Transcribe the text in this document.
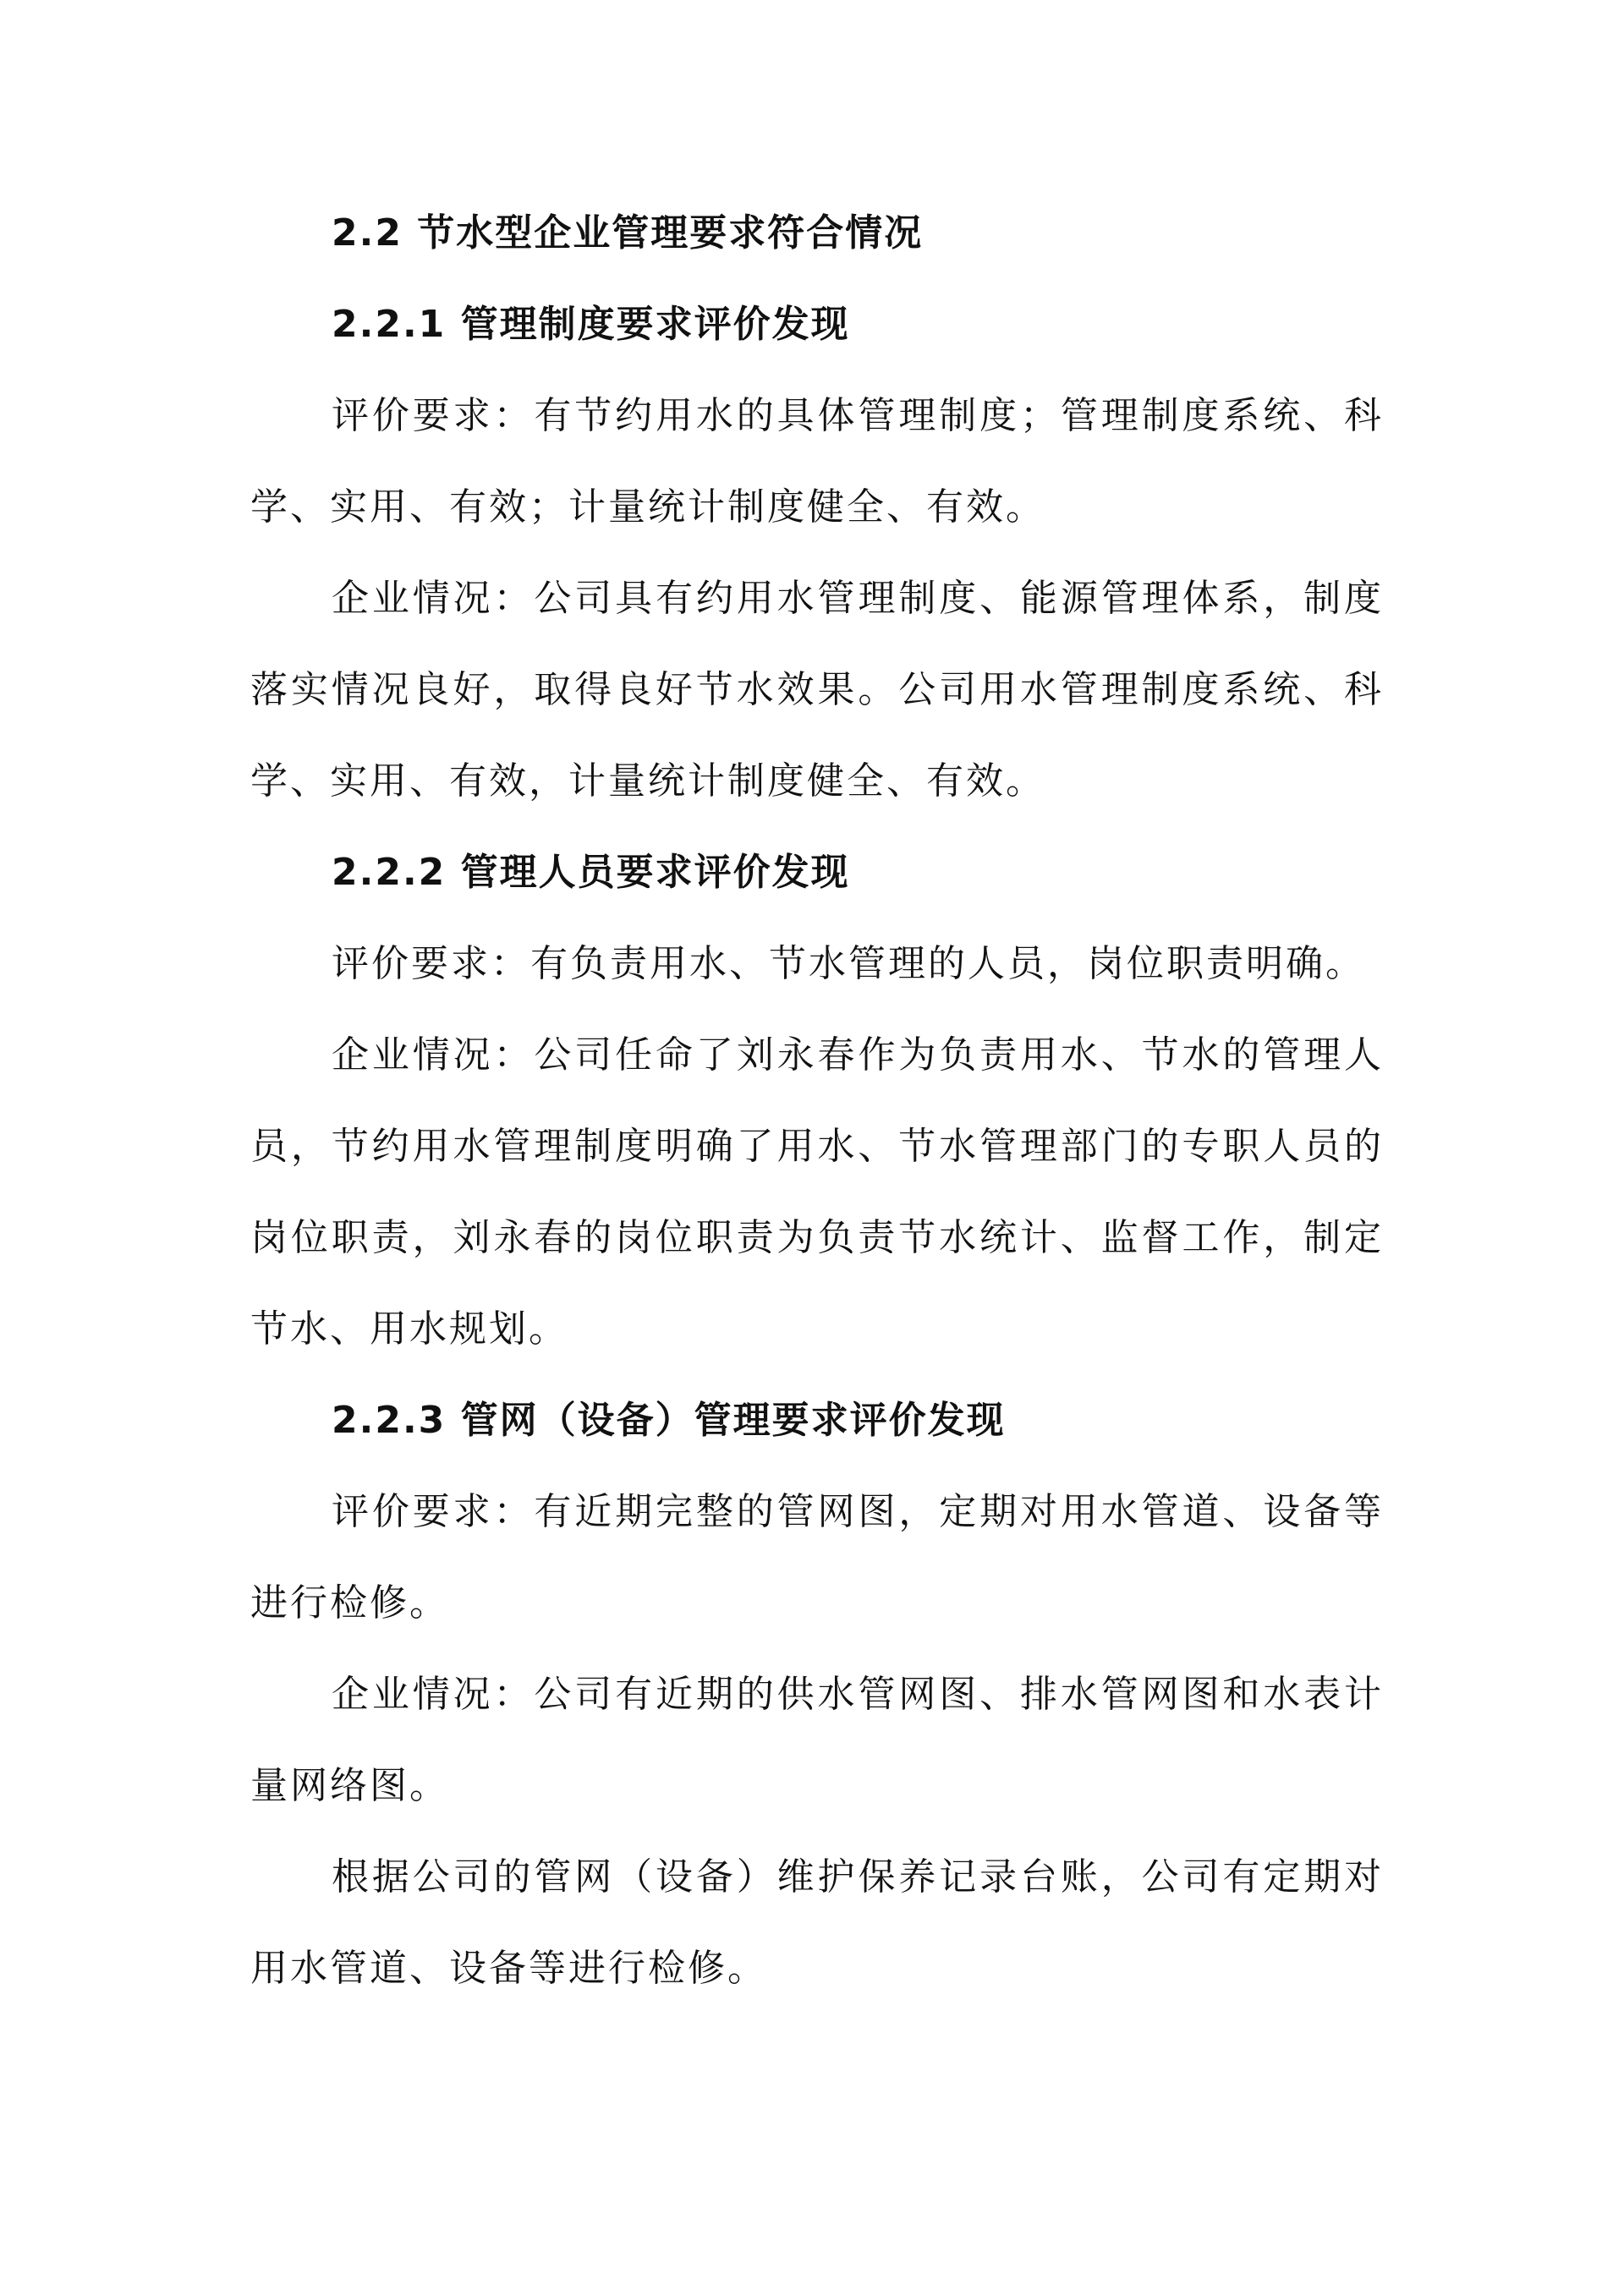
2.2 节水型企业管理要求符合情况
2.2.1 管理制度要求评价发现

评价要求：有节约用水的具体管理制度；管理制度系统、科学、实用、有效；计量统计制度健全、有效。

企业情况：公司具有约用水管理制度、能源管理体系，制度落实情况良好，取得良好节水效果。公司用水管理制度系统、科学、实用、有效，计量统计制度健全、有效。

2.2.2 管理人员要求评价发现

评价要求：有负责用水、节水管理的人员，岗位职责明确。

企业情况：公司任命了刘永春作为负责用水、节水的管理人员，节约用水管理制度明确了用水、节水管理部门的专职人员的岗位职责，刘永春的岗位职责为负责节水统计、监督工作，制定节水、用水规划。

2.2.3 管网（设备）管理要求评价发现

评价要求：有近期完整的管网图，定期对用水管道、设备等进行检修。

企业情况：公司有近期的供水管网图、排水管网图和水表计量网络图。

根据公司的管网（设备）维护保养记录台账，公司有定期对用水管道、设备等进行检修。
